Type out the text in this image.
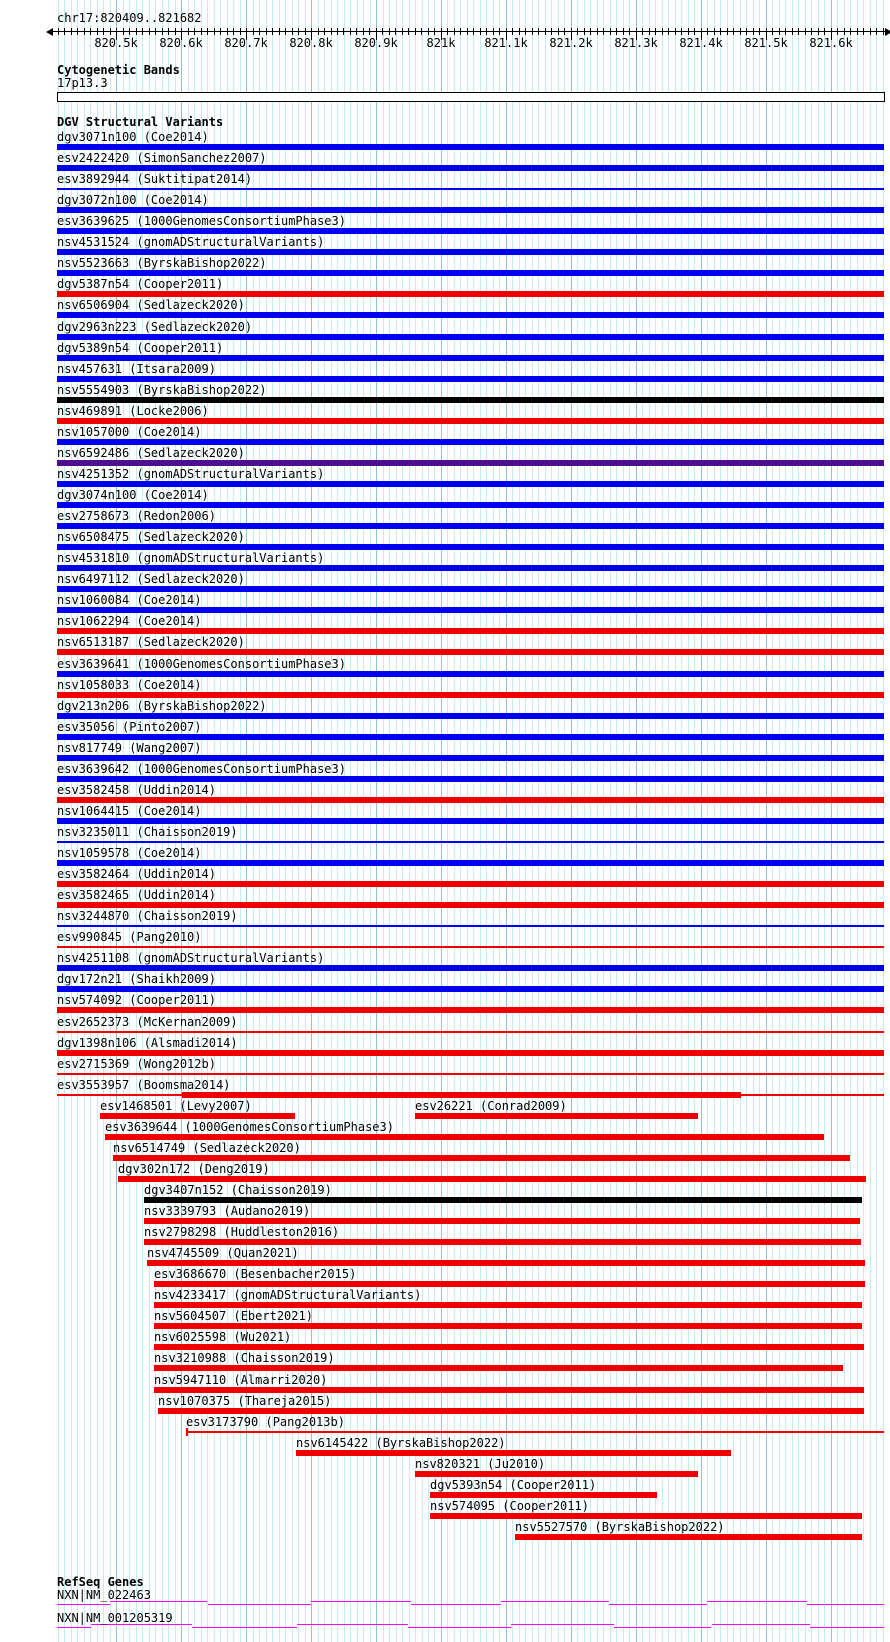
chr17:820409..821682
820.5k 820.6k 820.7k 820.8k 820.9k 821k 821.1k 821.2k 821.3k 821.4k 821.5k 821.6k
Cytogenetic Bands
17p13.3
DGV Structural Variants
dgv3071n100 (Coe2014)
esv2422420 (SimonSanchez2007)
esv3892944 (Suktitipat2014)
dgv3072n100 (Coe2014)
esv3639625 (1000GenomesConsortiumPhase3)
nsv4531524 (gnomADStructuralVariants)
nsv5523663 (ByrskaBishop2022)
dgv5387n54 (Cooper2011)
nsv6506904 (Sedlazeck2020)
dgv2963n223 (Sedlazeck2020)
dgv5389n54 (Cooper2011)
nsv457631 (Itsara2009)
nsv5554903 (ByrskaBishop2022)
nsv469891 (Locke2006)
nsv1057000 (Coe2014)
nsv6592486 (Sedlazeck2020)
nsv4251352 (gnomADStructuralVariants)
dgv3074n100 (Coe2014)
esv2758673 (Redon2006)
nsv6508475 (Sedlazeck2020)
nsv4531810 (gnomADStructuralVariants)
nsv6497112 (Sedlazeck2020)
nsv1060084 (Coe2014)
nsv1062294 (Coe2014)
nsv6513187 (Sedlazeck2020)
esv3639641 (1000GenomesConsortiumPhase3)
nsv1058033 (Coe2014)
dgv213n206 (ByrskaBishop2022)
esv35056 (Pinto2007)
nsv817749 (Wang2007)
esv3639642 (1000GenomesConsortiumPhase3)
esv3582458 (Uddin2014)
nsv1064415 (Coe2014)
nsv3235011 (Chaisson2019)
nsv1059578 (Coe2014)
esv3582464 (Uddin2014)
esv3582465 (Uddin2014)
nsv3244870 (Chaisson2019)
esv990845 (Pang2010)
nsv4251108 (gnomADStructuralVariants)
dgv172n21 (Shaikh2009)
nsv574092 (Cooper2011)
esv2652373 (McKernan2009)
dgv1398n106 (Alsmadi2014)
esv2715369 (Wong2012b)
esv3553957 (Boomsma2014)
esv1468501 (Levy2007)	esv26221 (Conrad2009)
esv3639644 (1000GenomesConsortiumPhase3)
nsv6514749 (Sedlazeck2020)
dgv302n172 (Deng2019)
dgv3407n152 (Chaisson2019)
nsv3339793 (Audano2019)
nsv2798298 (Huddleston2016)
nsv4745509 (Quan2021)
esv3686670 (Besenbacher2015)
nsv4233417 (gnomADStructuralVariants)
nsv5604507 (Ebert2021)
nsv6025598 (Wu2021)
nsv3210988 (Chaisson2019)
nsv5947110 (Almarri2020)
nsv1070375 (Thareja2015)
esv3173790 (Pang2013b)
nsv6145422 (ByrskaBishop2022)
nsv820321 (Ju2010)
dgv5393n54 (Cooper2011)
nsv574095 (Cooper2011)
nsv5527570 (ByrskaBishop2022)
RefSeq Genes
NXN|NM_022463
NXN|NM_001205319
